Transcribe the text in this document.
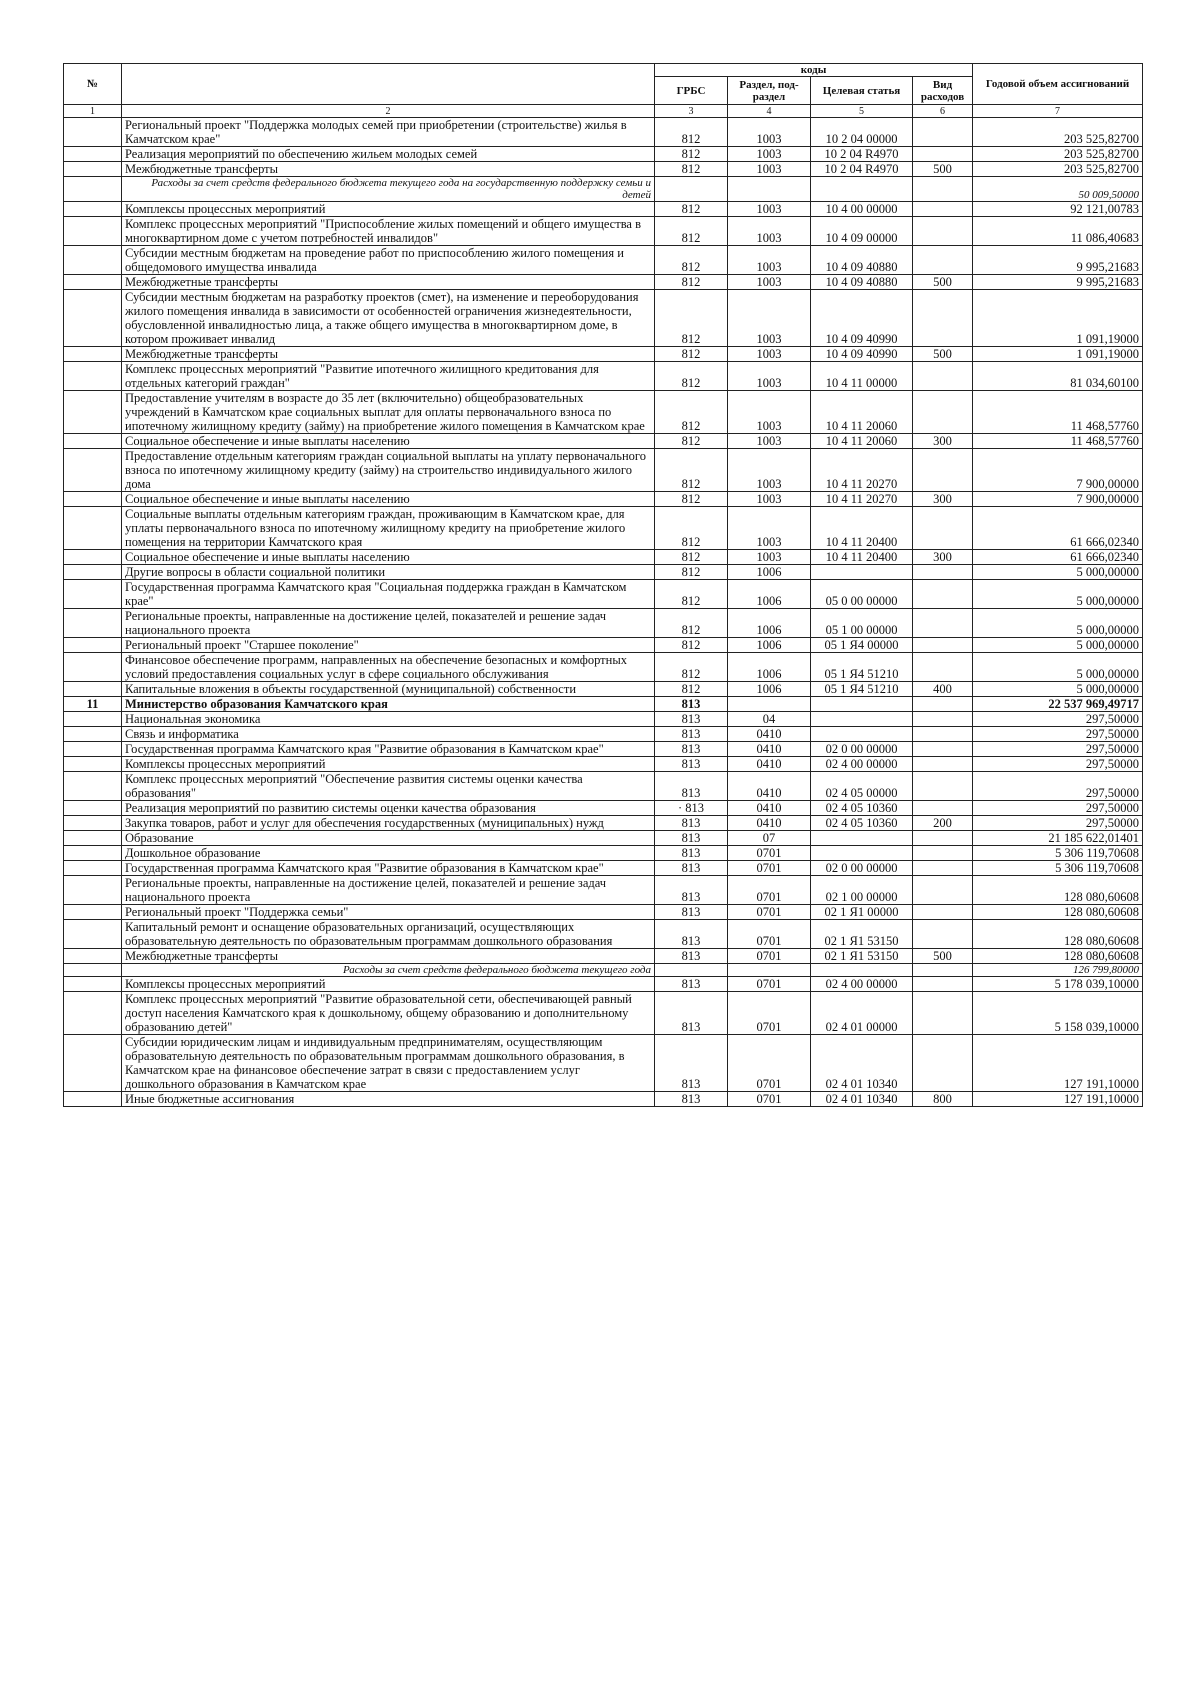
№		коды				Годовой объем ассигнований
		ГРБС	Раздел, под-раздел	Целевая статья	Вид расходов	
1	2	3	4	5	6	7
	Региональный проект "Поддержка молодых семей при приобретении (строительстве) жилья в Камчатском крае"	812	1003	10 2 04 00000		203 525,82700
	Реализация мероприятий по обеспечению жильем молодых семей	812	1003	10 2 04 R4970		203 525,82700
	Межбюджетные трансферты	812	1003	10 2 04 R4970	500	203 525,82700
	Расходы за счет средств федерального бюджета текущего года на государственную поддержку семьи и детей					50 009,50000
	Комплексы процессных мероприятий	812	1003	10 4 00 00000		92 121,00783
	Комплекс процессных мероприятий "Приспособление жилых помещений и общего имущества в многоквартирном доме с учетом потребностей инвалидов"	812	1003	10 4 09 00000		11 086,40683
	Субсидии местным бюджетам на проведение работ по приспособлению жилого помещения и общедомового имущества инвалида	812	1003	10 4 09 40880		9 995,21683
	Межбюджетные трансферты	812	1003	10 4 09 40880	500	9 995,21683
	Субсидии местным бюджетам на разработку проектов (смет), на изменение и переоборудования жилого помещения инвалида в зависимости от особенностей ограничения жизнедеятельности, обусловленной инвалидностью лица, а также общего имущества в многоквартирном доме, в котором проживает инвалид	812	1003	10 4 09 40990		1 091,19000
	Межбюджетные трансферты	812	1003	10 4 09 40990	500	1 091,19000
	Комплекс процессных мероприятий "Развитие ипотечного жилищного кредитования для отдельных категорий граждан"	812	1003	10 4 11 00000		81 034,60100
	Предоставление учителям в возрасте до 35 лет (включительно) общеобразовательных учреждений в Камчатском крае социальных выплат для оплаты первоначального взноса по ипотечному жилищному кредиту (займу) на приобретение жилого помещения в Камчатском крае	812	1003	10 4 11 20060		11 468,57760
	Социальное обеспечение и иные выплаты населению	812	1003	10 4 11 20060	300	11 468,57760
	Предоставление отдельным категориям граждан социальной выплаты на уплату первоначального взноса по ипотечному жилищному кредиту (займу) на строительство индивидуального жилого дома	812	1003	10 4 11 20270		7 900,00000
	Социальное обеспечение и иные выплаты населению	812	1003	10 4 11 20270	300	7 900,00000
	Социальные выплаты отдельным категориям граждан, проживающим в Камчатском крае, для уплаты первоначального взноса по ипотечному жилищному кредиту на приобретение жилого помещения на территории Камчатского края	812	1003	10 4 11 20400		61 666,02340
	Социальное обеспечение и иные выплаты населению	812	1003	10 4 11 20400	300	61 666,02340
	Другие вопросы в области социальной политики	812	1006			5 000,00000
	Государственная программа Камчатского края "Социальная поддержка граждан в Камчатском крае"	812	1006	05 0 00 00000		5 000,00000
	Региональные проекты, направленные на достижение целей, показателей и решение задач национального проекта	812	1006	05 1 00 00000		5 000,00000
	Региональный проект "Старшее поколение"	812	1006	05 1 Я4 00000		5 000,00000
	Финансовое обеспечение программ, направленных на обеспечение безопасных и комфортных условий предоставления социальных услуг в сфере социального обслуживания	812	1006	05 1 Я4 51210		5 000,00000
	Капитальные вложения в объекты государственной (муниципальной) собственности	812	1006	05 1 Я4 51210	400	5 000,00000
11	Министерство образования Камчатского края	813				22 537 969,49717
	Национальная экономика	813	04			297,50000
	Связь и информатика	813	0410			297,50000
	Государственная программа Камчатского края "Развитие образования в Камчатском крае"	813	0410	02 0 00 00000		297,50000
	Комплексы процессных мероприятий	813	0410	02 4 00 00000		297,50000
	Комплекс процессных мероприятий "Обеспечение развития системы оценки качества образования"	813	0410	02 4 05 00000		297,50000
	Реализация мероприятий по развитию системы оценки качества образования	· 813	0410	02 4 05 10360		297,50000
	Закупка товаров, работ и услуг для обеспечения государственных (муниципальных) нужд	813	0410	02 4 05 10360	200	297,50000
	Образование	813	07			21 185 622,01401
	Дошкольное образование	813	0701			5 306 119,70608
	Государственная программа Камчатского края "Развитие образования в Камчатском крае"	813	0701	02 0 00 00000		5 306 119,70608
	Региональные проекты, направленные на достижение целей, показателей и решение задач национального проекта	813	0701	02 1 00 00000		128 080,60608
	Региональный проект "Поддержка семьи"	813	0701	02 1 Я1 00000		128 080,60608
	Капитальный ремонт и оснащение образовательных организаций, осуществляющих образовательную деятельность по образовательным программам дошкольного образования	813	0701	02 1 Я1 53150		128 080,60608
	Межбюджетные трансферты	813	0701	02 1 Я1 53150	500	128 080,60608
	Расходы за счет средств федерального бюджета текущего года					126 799,80000
	Комплексы процессных мероприятий	813	0701	02 4 00 00000		5 178 039,10000
	Комплекс процессных мероприятий "Развитие образовательной сети, обеспечивающей равный доступ населения Камчатского края к дошкольному, общему образованию и дополнительному образованию детей"	813	0701	02 4 01 00000		5 158 039,10000
	Субсидии юридическим лицам и индивидуальным предпринимателям, осуществляющим образовательную деятельность по образовательным программам дошкольного образования, в Камчатском крае на финансовое обеспечение затрат в связи с предоставлением услуг дошкольного образования в Камчатском крае	813	0701	02 4 01 10340		127 191,10000
	Иные бюджетные ассигнования	813	0701	02 4 01 10340	800	127 191,10000
